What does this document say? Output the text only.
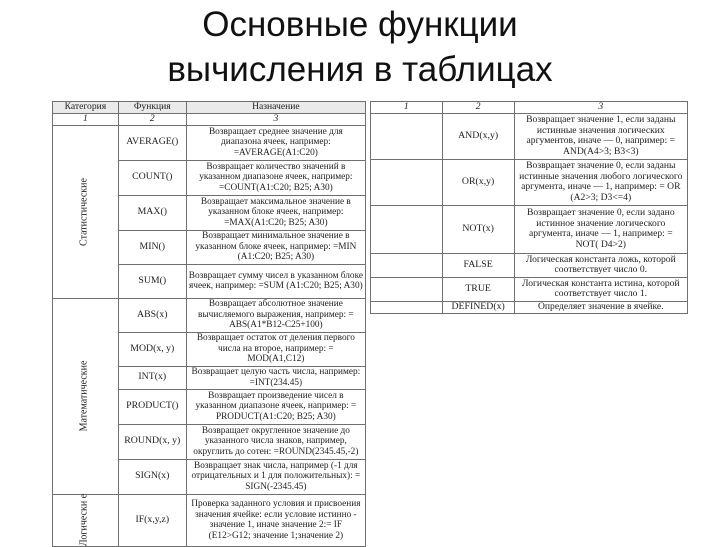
Основные функции
вычисления в таблицах
Категория	Функция	Назначение
1	2	3

Статистические	AVERAGE()	Возвращает среднее значение для диапазона ячеек, например: =AVERAGE(A1:C20)
	COUNT()	Возвращает количество значений в указанном диапазоне ячеек, например: =COUNT(A1:C20; B25; A30)
	MAX()	Возвращает максимальное значение в указанном блоке ячеек, например: =MAX(A1:C20; B25; A30)
	MIN()	Возвращает минимальное значение в указанном блоке ячеек, например: =MIN (A1:C20; B25; A30)
	SUM()	Возвращает сумму чисел в указанном блоке ячеек, например: =SUM (A1:C20; B25; A30)

Математические	ABS(x)	Возвращает абсолютное значение вычисляемого выражения, например: = ABS(A1*B12-C25+100)
	MOD(x, y)	Возвращает остаток от деления первого числа на второе, например: = MOD(A1,C12)
	INT(x)	Возвращает целую часть числа, например: =INT(234.45)
	PRODUCT()	Возвращает произведение чисел в указанном диапазоне ячеек, например: = PRODUCT(A1:C20; B25; A30)
	ROUND(x, y)	Возвращает округленное значение до указанного числа знаков, например, округлить до сотен: =ROUND(2345.45,-2)
	SIGN(x)	Возвращает знак числа, например (-1 для отрицательных и 1 для положительных): = SIGN(-2345.45)

Логически е	IF(x,y,z)	Проверка заданного условия и присвоения значения ячейке: если условие истинно - значение 1, иначе значение 2:= IF (E12>G12; значение 1;значение 2)
1	2	3
	AND(x,y)	Возвращает значение 1, если заданы истинные значения логических аргументов, иначе — 0, например: = AND(A4>3; B3<3)
	OR(x,y)	Возвращает значение 0, если заданы истинные значения любого логического аргумента, иначе — 1, например: = OR (A2>3; D3<=4)
	NOT(x)	Возвращает значение 0, если задано истинное значение логического аргумента, иначе — 1, например: = NOT( D4>2)
	FALSE	Логическая константа ложь, которой соответствует число 0.
	TRUE	Логическая константа истина, которой соответствует число 1.
	DEFINED(x)	Определяет значение в ячейке.
